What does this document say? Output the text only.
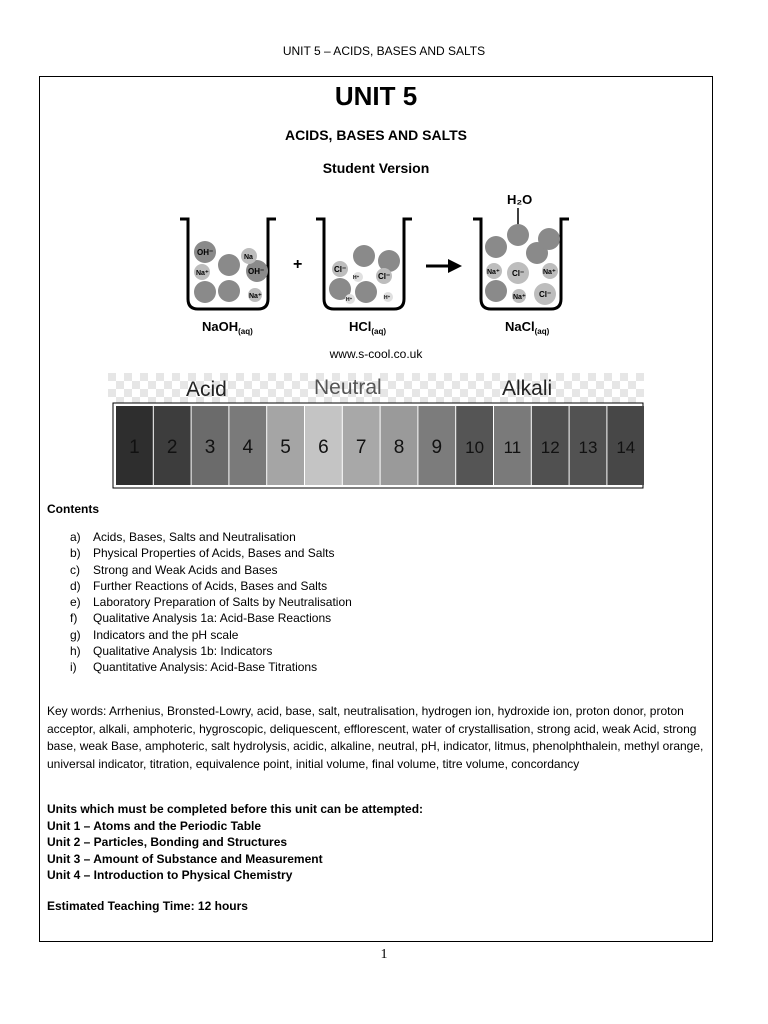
UNIT 5 – ACIDS, BASES AND SALTS
UNIT 5
ACIDS, BASES AND SALTS
Student Version
OH⁻
Na
Na⁺	OH⁻
Na⁺
NaOH$_{(aq)}$
+	Cl⁻
H⁺ Cl⁻
H⁺	H⁺
HCl$_{(aq)}$
H₂O
Na⁺ Cl⁻	Na⁺
Na⁺ Cl⁻
NaCl$_{(aq)}$
www.s-cool.co.uk
Acid	Neutral	Alkali
1 2 3 4 5 6 7 8 9 10 11 12 13 14
Contents
a) Acids, Bases, Salts and Neutralisation
b) Physical Properties of Acids, Bases and Salts
c) Strong and Weak Acids and Bases
d) Further Reactions of Acids, Bases and Salts
e) Laboratory Preparation of Salts by Neutralisation
f) Qualitative Analysis 1a: Acid-Base Reactions
g) Indicators and the pH scale
h) Qualitative Analysis 1b: Indicators
i) Quantitative Analysis: Acid-Base Titrations
Key words: Arrhenius, Bronsted-Lowry, acid, base, salt, neutralisation, hydrogen ion, hydroxide ion, proton donor, proton acceptor, alkali, amphoteric, hygroscopic, deliquescent, efflorescent, water of crystallisation, strong acid, weak Acid, strong base, weak Base, amphoteric, salt hydrolysis, acidic, alkaline, neutral, pH, indicator, litmus, phenolphthalein, methyl orange, universal indicator, titration, equivalence point, initial volume, final volume, titre volume, concordancy
Units which must be completed before this unit can be attempted:
Unit 1 – Atoms and the Periodic Table
Unit 2 – Particles, Bonding and Structures
Unit 3 – Amount of Substance and Measurement
Unit 4 – Introduction to Physical Chemistry
Estimated Teaching Time: 12 hours
1
